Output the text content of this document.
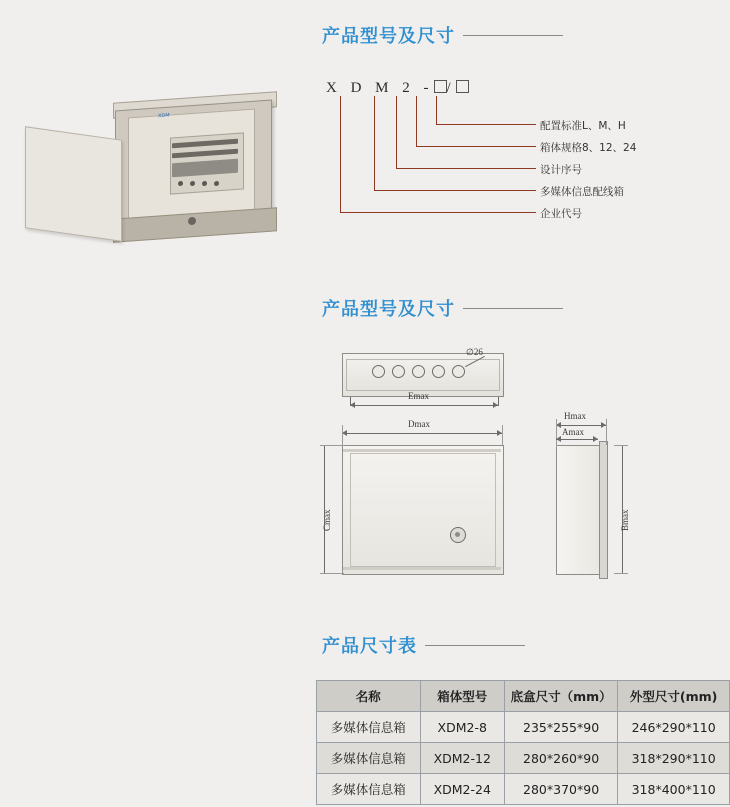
XDM
产品型号及尺寸
X D M 2 - /
配置标准L、M、H
箱体规格8、12、24
设计序号
多媒体信息配线箱
企业代号
产品型号及尺寸
∅26
Emax
Dmax
Cmax
Hmax
Amax
Bmax
产品尺寸表
名称	箱体型号	底盒尺寸（mm）	外型尺寸(mm)
多媒体信息箱	XDM2-8	235*255*90	246*290*110
多媒体信息箱	XDM2-12	280*260*90	318*290*110
多媒体信息箱	XDM2-24	280*370*90	318*400*110
